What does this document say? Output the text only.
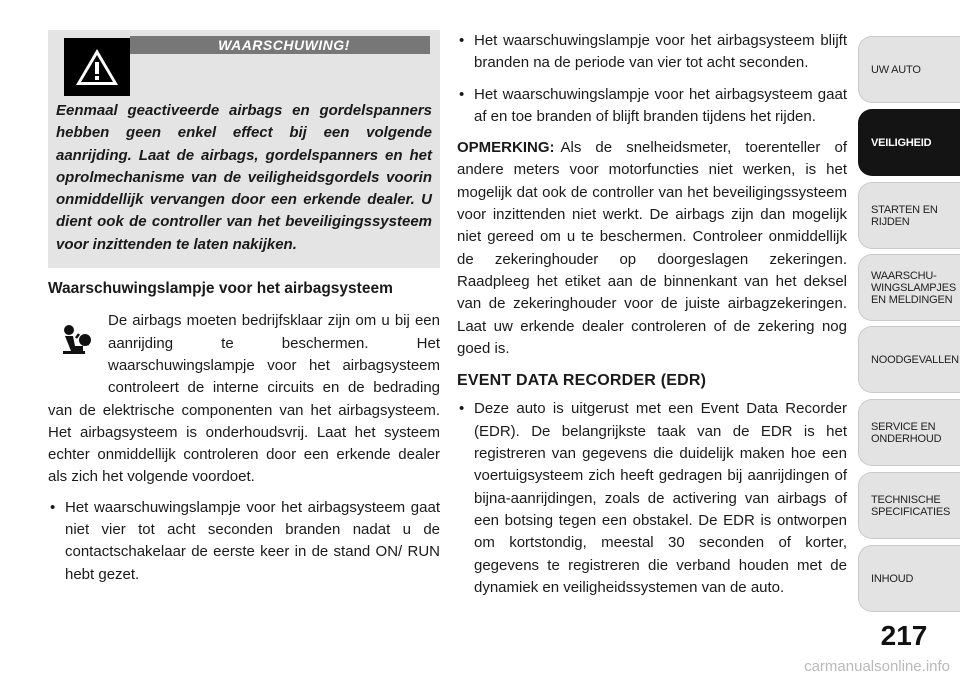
WAARSCHUWING!
Eenmaal geactiveerde airbags en gordelspanners hebben geen enkel effect bij een volgende aanrijding. Laat de airbags, gordelspanners en het oprolmechanisme van de veiligheidsgordels voorin onmiddellijk vervangen door een erkende dealer. U dient ook de controller van het beveiligingssysteem voor inzittenden te laten nakijken.
Waarschuwingslampje voor het airbagsysteem

De airbags moeten bedrijfsklaar zijn om u bij een aanrijding te beschermen. Het waarschuwingslampje voor het airbagsysteem controleert de interne circuits en de bedrading van de elektrische componenten van het airbagsysteem. Het airbagsysteem is onderhoudsvrij. Laat het systeem echter onmiddellijk controleren door een erkende dealer als zich het volgende voordoet.

• Het waarschuwingslampje voor het airbagsysteem gaat niet vier tot acht seconden branden nadat u de contactschakelaar de eerste keer in de stand ON/ RUN hebt gezet.
• Het waarschuwingslampje voor het airbagsysteem blijft branden na de periode van vier tot acht seconden.
• Het waarschuwingslampje voor het airbagsysteem gaat af en toe branden of blijft branden tijdens het rijden.

OPMERKING: Als de snelheidsmeter, toerenteller of andere meters voor motorfuncties niet werken, is het mogelijk dat ook de controller van het beveiligingssysteem voor inzittenden niet werkt. De airbags zijn dan mogelijk niet gereed om u te beschermen. Controleer onmiddellijk de zekeringhouder op doorgeslagen zekeringen. Raadpleeg het etiket aan de binnenkant van het deksel van de zekeringhouder voor de juiste airbagzekeringen. Laat uw erkende dealer controleren of de zekering nog goed is.

EVENT DATA RECORDER (EDR)
• Deze auto is uitgerust met een Event Data Recorder (EDR). De belangrijkste taak van de EDR is het registreren van gegevens die duidelijk maken hoe een voertuigsysteem zich heeft gedragen bij aanrijdingen of bijna-aanrijdingen, zoals de activering van airbags of een botsing tegen een obstakel. De EDR is ontworpen om kortstondig, meestal 30 seconden of korter, gegevens te registreren die verband houden met de dynamiek en veiligheidssystemen van de auto.
UW AUTO
VEILIGHEID
STARTEN EN
RIJDEN
WAARSCHU-
WINGSLAMPJES
EN MELDINGEN
NOODGEVALLEN
SERVICE EN
ONDERHOUD
TECHNISCHE
SPECIFICATIES
INHOUD
217
carmanualsonline.info
